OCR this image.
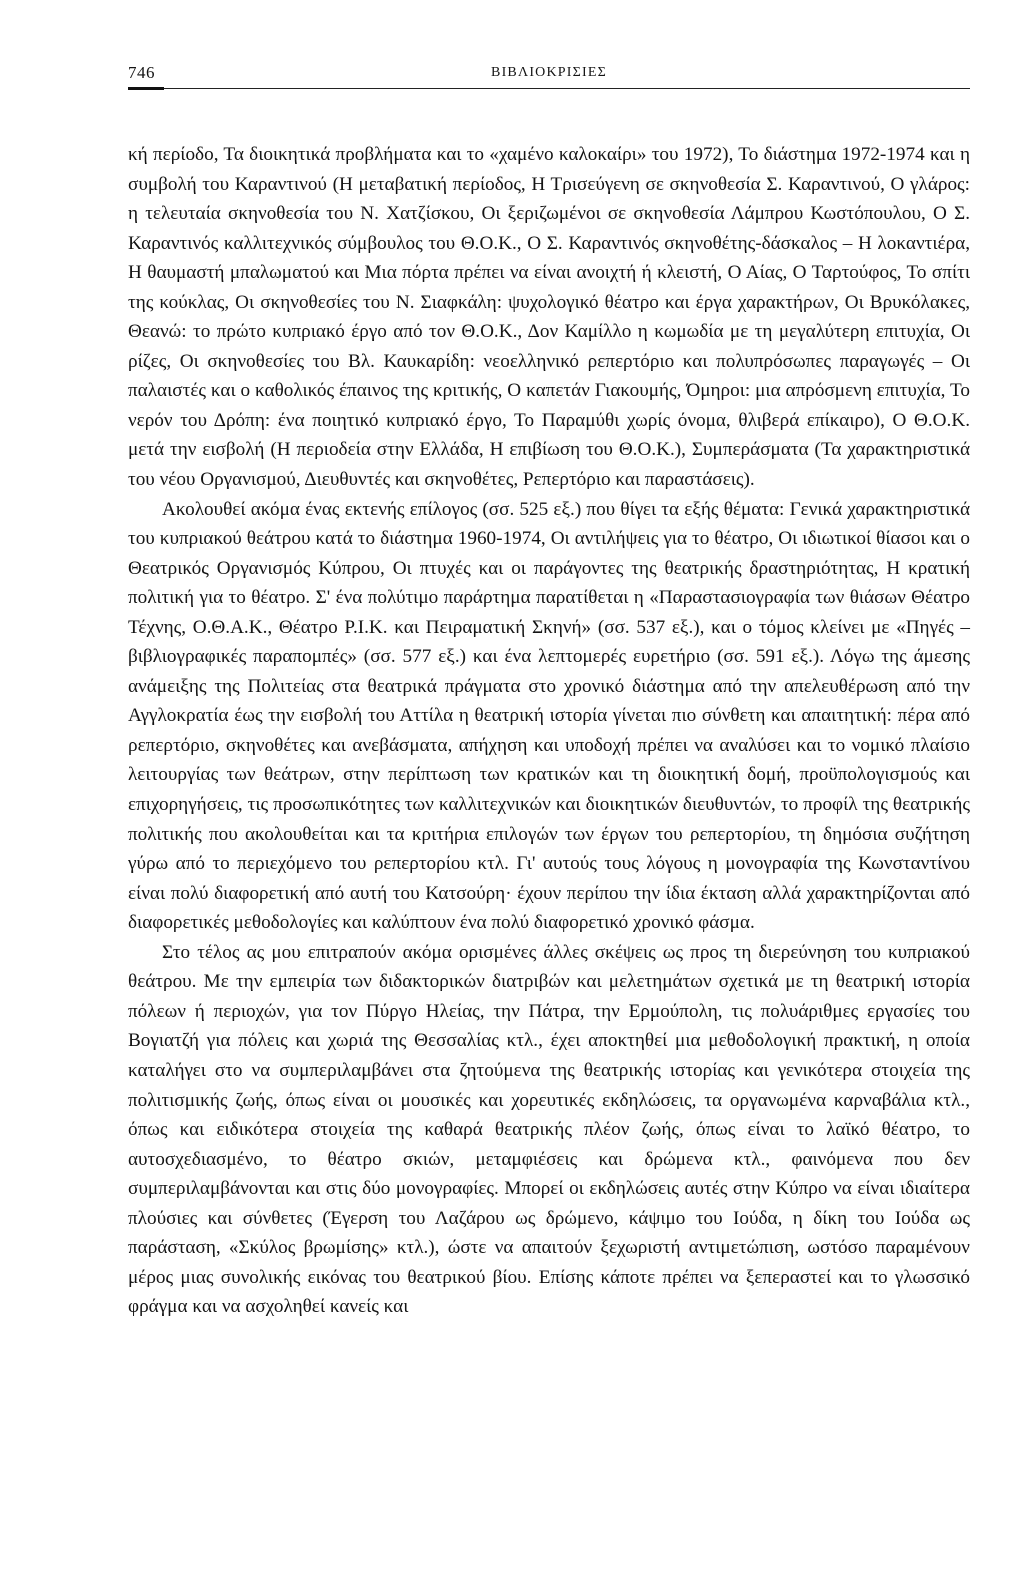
746	ΒΙΒΛΙΟΚΡΙΣΙΕΣ

κή περίοδο, Τα διοικητικά προβλήματα και το «χαμένο καλοκαίρι» του 1972), Το διάστημα 1972-1974 και η συμβολή του Καραντινού (Η μεταβατική περίοδος, Η Τρισεύγενη σε σκηνοθεσία Σ. Καραντινού, Ο γλάρος: η τελευταία σκηνοθεσία του Ν. Χατζίσκου, Οι ξεριζωμένοι σε σκηνοθεσία Λάμπρου Κωστόπουλου, Ο Σ. Καραντινός καλλιτεχνικός σύμβουλος του Θ.Ο.Κ., Ο Σ. Καραντινός σκηνοθέτης-δάσκαλος – Η λοκαντιέρα, Η θαυμαστή μπαλωματού και Μια πόρτα πρέπει να είναι ανοιχτή ή κλειστή, Ο Αίας, Ο Ταρτούφος, Το σπίτι της κούκλας, Οι σκηνοθεσίες του Ν. Σιαφκάλη: ψυχολογικό θέατρο και έργα χαρακτήρων, Οι Βρυκόλακες, Θεανώ: το πρώτο κυπριακό έργο από τον Θ.Ο.Κ., Δον Καμίλλο η κωμωδία με τη μεγαλύτερη επιτυχία, Οι ρίζες, Οι σκηνοθεσίες του Βλ. Καυκαρίδη: νεοελληνικό ρεπερτόριο και πολυπρόσωπες παραγωγές – Οι παλαιστές και ο καθολικός έπαινος της κριτικής, Ο καπετάν Γιακουμής, Όμηροι: μια απρόσμενη επιτυχία, Το νερόν του Δρόπη: ένα ποιητικό κυπριακό έργο, Το Παραμύθι χωρίς όνομα, θλιβερά επίκαιρο), Ο Θ.Ο.Κ. μετά την εισβολή (Η περιοδεία στην Ελλάδα, Η επιβίωση του Θ.Ο.Κ.), Συμπεράσματα (Τα χαρακτηριστικά του νέου Οργανισμού, Διευθυντές και σκηνοθέτες, Ρεπερτόριο και παραστάσεις).

Ακολουθεί ακόμα ένας εκτενής επίλογος (σσ. 525 εξ.) που θίγει τα εξής θέματα: Γενικά χαρακτηριστικά του κυπριακού θεάτρου κατά το διάστημα 1960-1974, Οι αντιλήψεις για το θέατρο, Οι ιδιωτικοί θίασοι και ο Θεατρικός Οργανισμός Κύπρου, Οι πτυχές και οι παράγοντες της θεατρικής δραστηριότητας, Η κρατική πολιτική για το θέατρο. Σ' ένα πολύτιμο παράρτημα παρατίθεται η «Παραστασιογραφία των θιάσων Θέατρο Τέχνης, Ο.Θ.Α.Κ., Θέατρο Ρ.Ι.Κ. και Πειραματική Σκηνή» (σσ. 537 εξ.), και ο τόμος κλείνει με «Πηγές – βιβλιογραφικές παραπομπές» (σσ. 577 εξ.) και ένα λεπτομερές ευρετήριο (σσ. 591 εξ.). Λόγω της άμεσης ανάμειξης της Πολιτείας στα θεατρικά πράγματα στο χρονικό διάστημα από την απελευθέρωση από την Αγγλοκρατία έως την εισβολή του Αττίλα η θεατρική ιστορία γίνεται πιο σύνθετη και απαιτητική: πέρα από ρεπερτόριο, σκηνοθέτες και ανεβάσματα, απήχηση και υποδοχή πρέπει να αναλύσει και το νομικό πλαίσιο λειτουργίας των θεάτρων, στην περίπτωση των κρατικών και τη διοικητική δομή, προϋπολογισμούς και επιχορηγήσεις, τις προσωπικότητες των καλλιτεχνικών και διοικητικών διευθυντών, το προφίλ της θεατρικής πολιτικής που ακολουθείται και τα κριτήρια επιλογών των έργων του ρεπερτορίου, τη δημόσια συζήτηση γύρω από το περιεχόμενο του ρεπερτορίου κτλ. Γι' αυτούς τους λόγους η μονογραφία της Κωνσταντίνου είναι πολύ διαφορετική από αυτή του Κατσούρη· έχουν περίπου την ίδια έκταση αλλά χαρακτηρίζονται από διαφορετικές μεθοδολογίες και καλύπτουν ένα πολύ διαφορετικό χρονικό φάσμα.

Στο τέλος ας μου επιτραπούν ακόμα ορισμένες άλλες σκέψεις ως προς τη διερεύνηση του κυπριακού θεάτρου. Με την εμπειρία των διδακτορικών διατριβών και μελετημάτων σχετικά με τη θεατρική ιστορία πόλεων ή περιοχών, για τον Πύργο Ηλείας, την Πάτρα, την Ερμούπολη, τις πολυάριθμες εργασίες του Βογιατζή για πόλεις και χωριά της Θεσσαλίας κτλ., έχει αποκτηθεί μια μεθοδολογική πρακτική, η οποία καταλήγει στο να συμπεριλαμβάνει στα ζητούμενα της θεατρικής ιστορίας και γενικότερα στοιχεία της πολιτισμικής ζωής, όπως είναι οι μουσικές και χορευτικές εκδηλώσεις, τα οργανωμένα καρναβάλια κτλ., όπως και ειδικότερα στοιχεία της καθαρά θεατρικής πλέον ζωής, όπως είναι το λαϊκό θέατρο, το αυτοσχεδιασμένο, το θέατρο σκιών, μεταμφιέσεις και δρώμενα κτλ., φαινόμενα που δεν συμπεριλαμβάνονται και στις δύο μονογραφίες. Μπορεί οι εκδηλώσεις αυτές στην Κύπρο να είναι ιδιαίτερα πλούσιες και σύνθετες (Έγερση του Λαζάρου ως δρώμενο, κάψιμο του Ιούδα, η δίκη του Ιούδα ως παράσταση, «Σκύλος βρωμίσης» κτλ.), ώστε να απαιτούν ξεχωριστή αντιμετώπιση, ωστόσο παραμένουν μέρος μιας συνολικής εικόνας του θεατρικού βίου. Επίσης κάποτε πρέπει να ξεπεραστεί και το γλωσσικό φράγμα και να ασχοληθεί κανείς και
